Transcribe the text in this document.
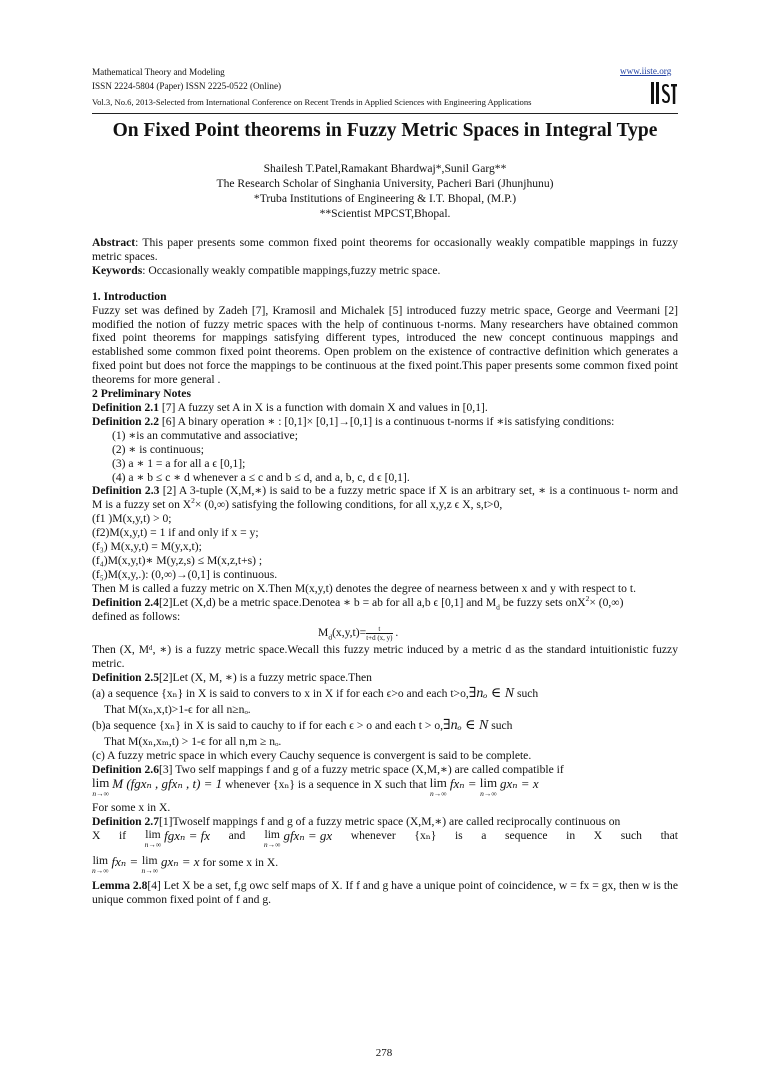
Mathematical Theory and Modeling
ISSN 2224-5804 (Paper) ISSN 2225-0522 (Online)
Vol.3, No.6, 2013-Selected from International Conference on Recent Trends in Applied Sciences with Engineering Applications
www.iiste.org
On Fixed Point theorems in Fuzzy Metric Spaces in Integral Type
Shailesh T.Patel,Ramakant Bhardwaj*,Sunil Garg**
The Research Scholar of Singhania University, Pacheri Bari (Jhunjhunu)
*Truba Institutions of Engineering & I.T. Bhopal, (M.P.)
**Scientist MPCST,Bhopal.

Abstract: This paper presents some common fixed point theorems for occasionally weakly compatible mappings in fuzzy metric spaces.

Keywords: Occasionally weakly compatible mappings,fuzzy metric space.

1. Introduction

Fuzzy set was defined by Zadeh [7], Kramosil and Michalek [5] introduced fuzzy metric space, George and Veermani [2] modified the notion of fuzzy metric spaces with the help of continuous t-norms. Many researchers have obtained common fixed point theorems for mappings satisfying different types, introduced the new concept continuous mappings and established some common fixed point theorems. Open problem on the existence of contractive definition which generates a fixed point but does not force the mappings to be continuous at the fixed point.This paper presents some common fixed point theorems for more general .

2 Preliminary Notes

Definition 2.1 [7] A fuzzy set A in X is a function with domain X and values in [0,1].

Definition 2.2 [6] A binary operation ∗ : [0,1]× [0,1]→[0,1] is a continuous t-norms if ∗is satisfying conditions:

(1) ∗is an commutative and associative;

(2) ∗ is continuous;

(3) a ∗ 1 = a for all a ϵ [0,1];

(4) a ∗ b ≤ c ∗ d whenever a ≤ c and b ≤ d, and a, b, c, d ϵ [0,1].

Definition 2.3 [2] A 3-tuple (X,M,∗) is said to be a fuzzy metric space if X is an arbitrary set, ∗ is a continuous t- norm and M is a fuzzy set on $X^2\times (0,\infty)$ satisfying the following conditions, for all x,y,z ϵ X, s,t>0,

(f1 )M(x,y,t) > 0;

(f2)M(x,y,t) = 1 if and only if x = y;

(f₃) M(x,y,t) = M(y,x,t);

(f₄)M(x,y,t)∗ M(y,z,s) ≤ M(x,z,t+s) ;

(f₅)M(x,y,.): (0,∞)→(0,1] is continuous.

Then M is called a fuzzy metric on X.Then M(x,y,t) denotes the degree of nearness between x and y with respect to t.

Definition 2.4[2]Let (X,d) be a metric space.Denotea ∗ b = ab for all a,b ϵ [0,1] and $M_d$ be fuzzy sets onX$^2$× (0,∞)
defined as follows:

$M_d(x,y,t)= \frac{t}{t+d (x, y)}$ .

Then (X, Mᵈ, ∗) is a fuzzy metric space.Wecall this fuzzy metric induced by a metric d as the standard intuitionistic fuzzy metric.

Definition 2.5[2]Let (X, M, ∗) is a fuzzy metric space.Then

(a) a sequence {xₙ} in X is said to convers to x in X if for each ϵ>o and each t>o,∃nₒ ∈ N such

That M(xₙ,x,t)>1-ϵ for all n≥nₒ.

(b)a sequence {xₙ} in X is said to cauchy to if for each ϵ > o and each t > o,∃nₒ ∈ N such

That M(xₙ,xₘ,t) > 1-ϵ for all n,m ≥ nₒ.

(c) A fuzzy metric space in which every Cauchy sequence is convergent is said to be complete.

Definition 2.6[3] Two self mappings f and g of a fuzzy metric space (X,M,∗) are called compatible if

lim
n→∞
M (fgxₙ , gfxₙ , t) = 1 whenever {xₙ} is a sequence in X such that lim
n→∞
fxₙ = lim
n→∞
gxₙ = x

For some x in X.

Definition 2.7[1]Twoself mappings f and g of a fuzzy metric space (X,M,∗) are called reciprocally continuous on

X if lim
n→∞
fgxₙ = fx and lim
n→∞
gfxₙ = gx whenever {xₙ} is a sequence in X such that

lim
n→∞
fxₙ = lim
n→∞
gxₙ = x for some x in X.

Lemma 2.8[4] Let X be a set, f,g owc self maps of X. If f and g have a unique point of coincidence, w = fx = gx, then w is the unique common fixed point of f and g.

278
